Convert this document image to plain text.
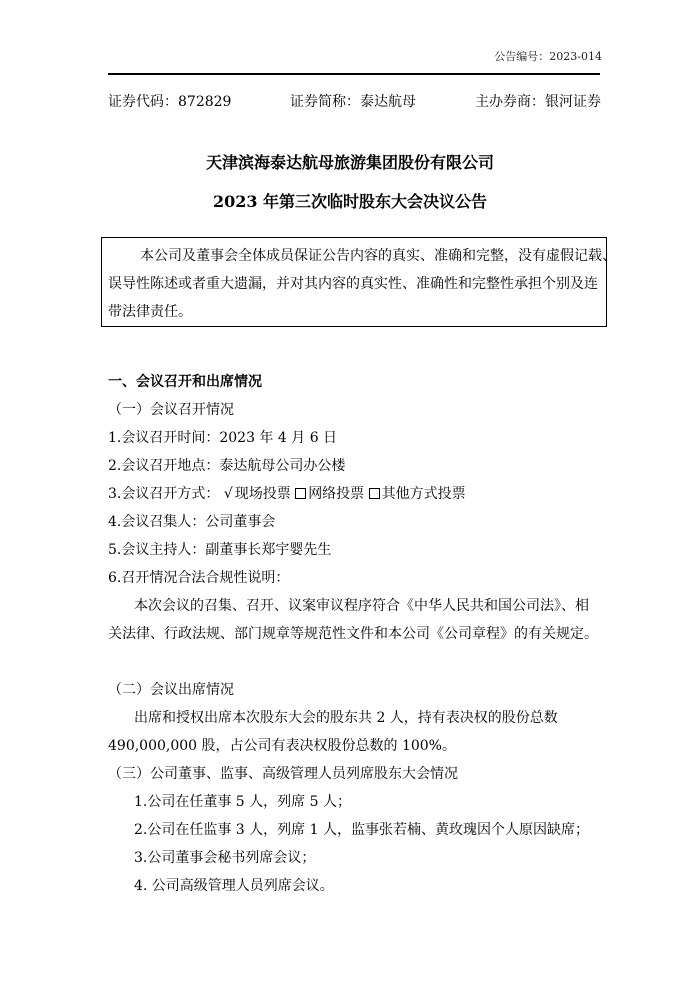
公告编号：2023-014
证券代码：872829	证券简称：泰达航母	主办券商：银河证券
天津滨海泰达航母旅游集团股份有限公司
2023 年第三次临时股东大会决议公告
本公司及董事会全体成员保证公告内容的真实、准确和完整，没有虚假记载、
误导性陈述或者重大遗漏，并对其内容的真实性、准确性和完整性承担个别及连
带法律责任。
一、会议召开和出席情况
（一）会议召开情况
1.会议召开时间：2023 年 4 月 6 日
2.会议召开地点：泰达航母公司办公楼
3.会议召开方式： √ 现场投票 网络投票 其他方式投票
4.会议召集人：公司董事会
5.会议主持人：副董事长郑宇婴先生
6.召开情况合法合规性说明：
本次会议的召集、召开、议案审议程序符合《中华人民共和国公司法》、相
关法律、行政法规、部门规章等规范性文件和本公司《公司章程》的有关规定。
（二）会议出席情况
出席和授权出席本次股东大会的股东共 2 人，持有表决权的股份总数
490,000,000 股，占公司有表决权股份总数的 100%。
（三）公司董事、监事、高级管理人员列席股东大会情况
1.公司在任董事 5 人，列席 5 人；
2.公司在任监事 3 人，列席 1 人，监事张若楠、黄玫瑰因个人原因缺席；
3.公司董事会秘书列席会议；
4. 公司高级管理人员列席会议。
